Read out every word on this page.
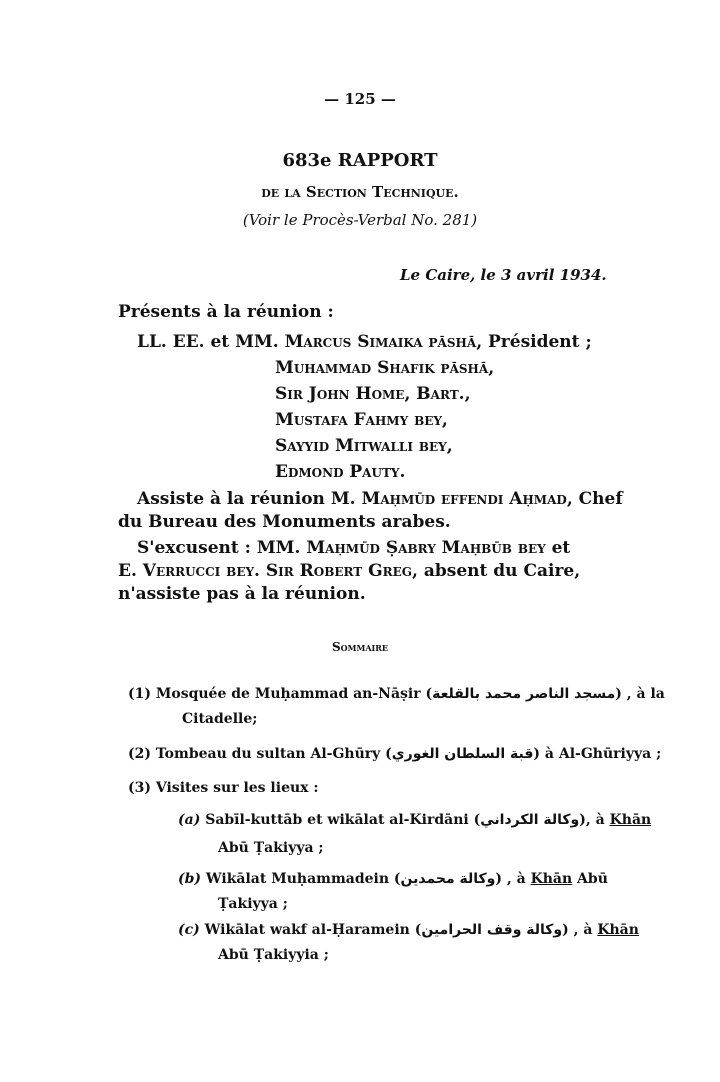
— 125 —
683e RAPPORT
de la Section Technique.
(Voir le Procès-Verbal No. 281)
Le Caire, le 3 avril 1934.
Présents à la réunion :
LL. EE. et MM. Marcus Simaika pāshā, Président ;
Muhammad Shafik pāshā,
Sir John Home, Bart.,
Mustafa Fahmy bey,
Sayyid Mitwalli bey,
Edmond Pauty.
Assiste à la réunion M. Maḥmūd effendi Aḥmad, Chef
du Bureau des Monuments arabes.
S'excusent : MM. Maḥmūd Ṣabry Maḥbūb bey et
E. Verrucci bey. Sir Robert Greg, absent du Caire,
n'assiste pas à la réunion.
Sommaire
(1) Mosquée de Muḥammad an-Nāṣir (مسجد الناصر محمد بالقلعة) , à la
Citadelle;
(2) Tombeau du sultan Al-Ghūry (قبة السلطان الغوري) à Al-Ghūriyya ;
(3) Visites sur les lieux :
(a) Sabīl-kuttāb et wikālat al-Kirdāni (وكالة الكرداني), à Khān
Abū Ṭakiyya ;
(b) Wikālat Muḥammadein (وكالة محمدين) , à Khān Abū
Ṭakiyya ;
(c) Wikālat wakf al-Ḥaramein (وكالة وقف الحرامين) , à Khān
Abū Ṭakiyyia ;
